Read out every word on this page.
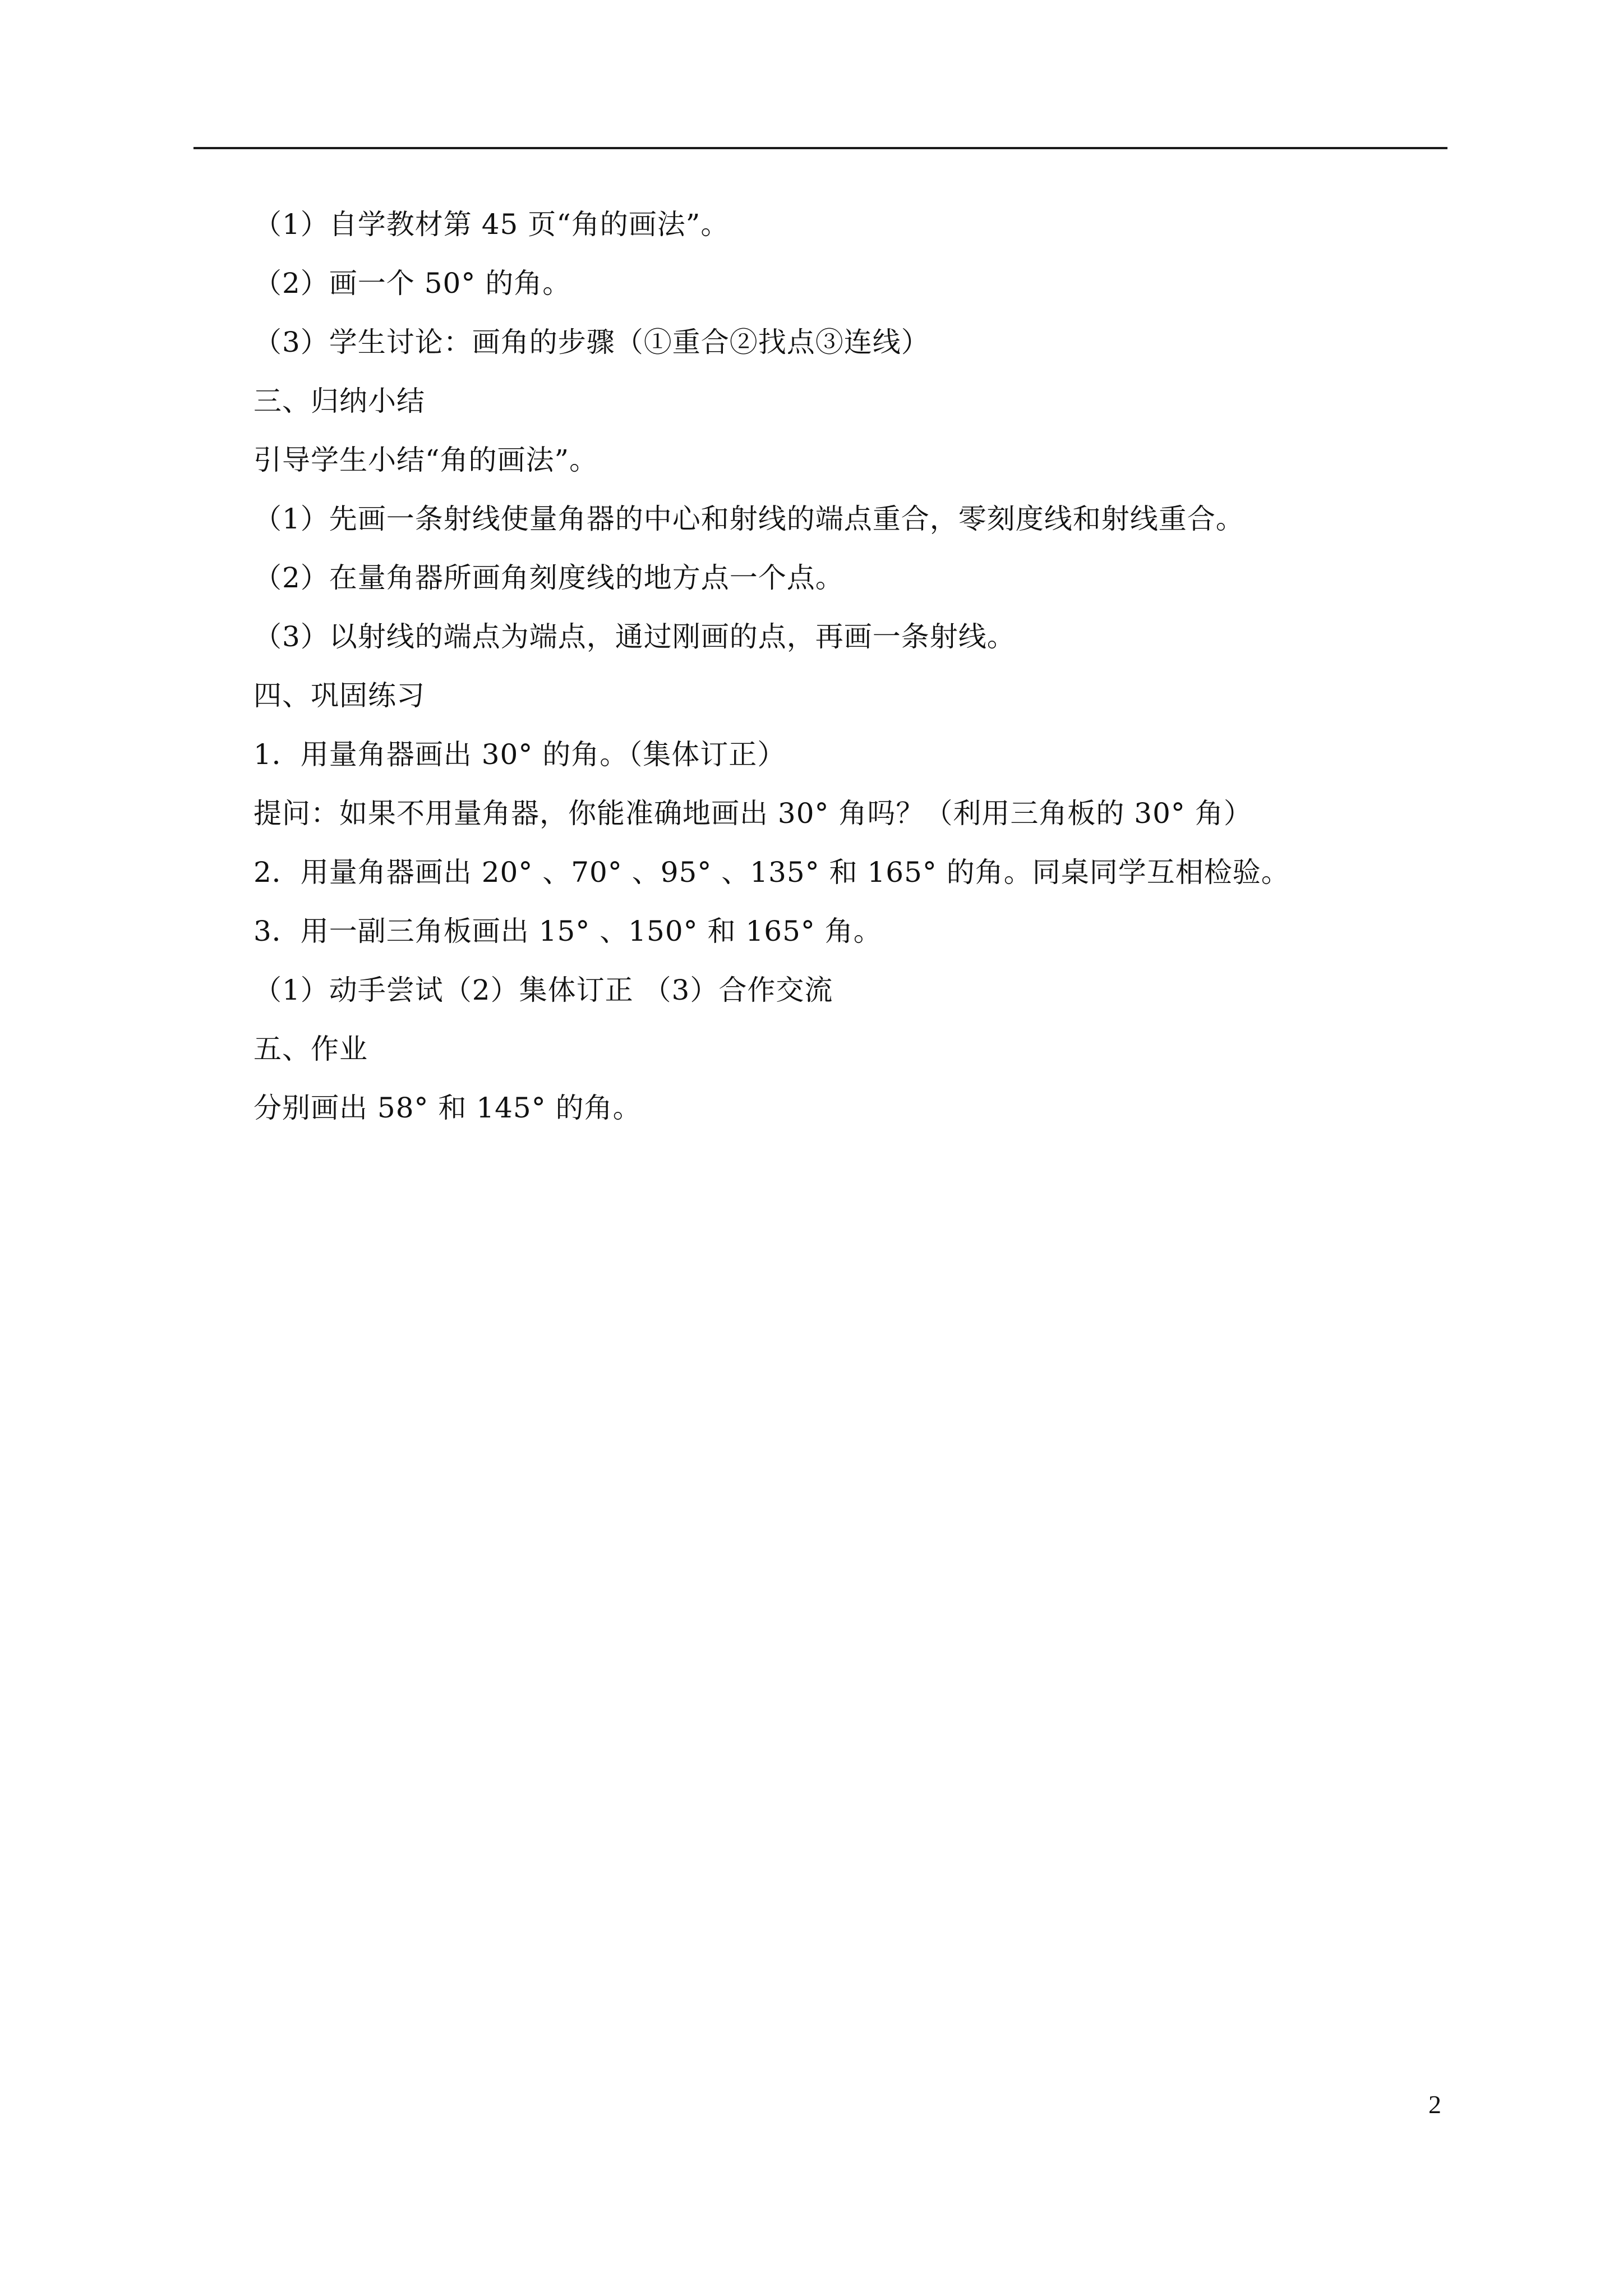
（1）自学教材第 45 页“角的画法”。
（2）画一个 50° 的角。
（3）学生讨论：画角的步骤（①重合②找点③连线）
三、归纳小结
引导学生小结“角的画法”。
（1）先画一条射线使量角器的中心和射线的端点重合，零刻度线和射线重合。
（2）在量角器所画角刻度线的地方点一个点。
（3）以射线的端点为端点，通过刚画的点，再画一条射线。
四、巩固练习
1．用量角器画出 30° 的角。（集体订正）
提问：如果不用量角器，你能准确地画出 30° 角吗？（利用三角板的 30° 角）
2．用量角器画出 20° 、70° 、95° 、135° 和 165° 的角。同桌同学互相检验。
3．用一副三角板画出 15° 、150° 和 165° 角。
（1）动手尝试（2）集体订正 （3）合作交流
五、作业
分别画出 58° 和 145° 的角。
2
